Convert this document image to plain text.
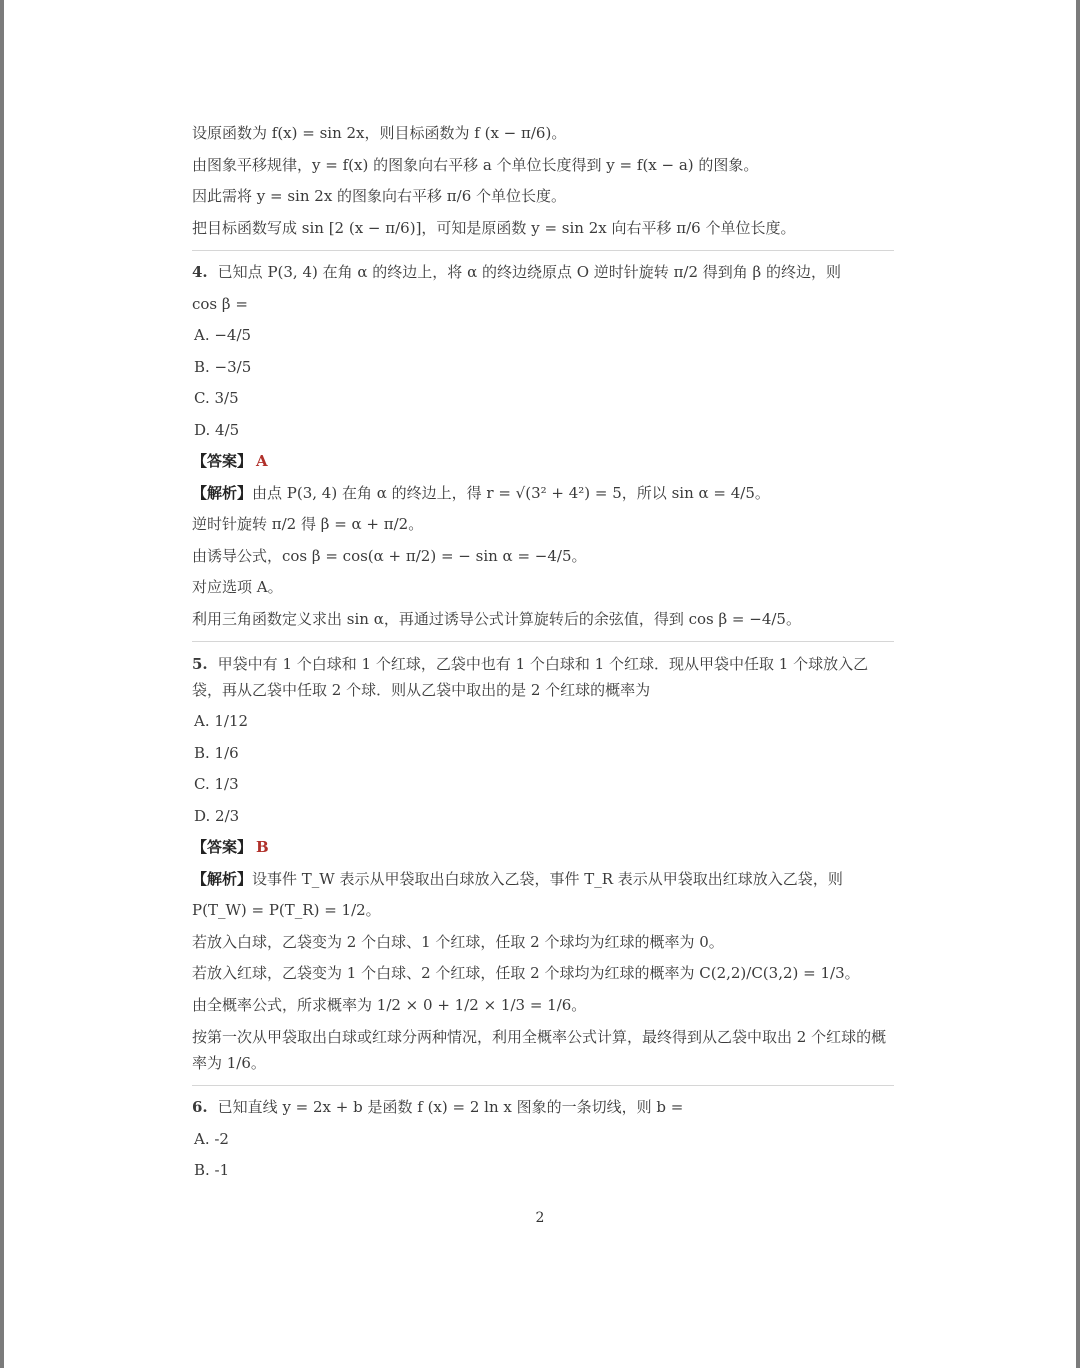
设原函数为 f(x) = sin 2x，则目标函数为 f (x − π/6)。
由图象平移规律，y = f(x) 的图象向右平移 a 个单位长度得到 y = f(x − a) 的图象。
因此需将 y = sin 2x 的图象向右平移 π/6 个单位长度。
把目标函数写成 sin [2 (x − π/6)]，可知是原函数 y = sin 2x 向右平移 π/6 个单位长度。
4. 已知点 P(3, 4) 在角 α 的终边上，将 α 的终边绕原点 O 逆时针旋转 π/2 得到角 β 的终边，则
cos β =
A. −4/5
B. −3/5
C. 3/5
D. 4/5
【答案】 A
【解析】由点 P(3, 4) 在角 α 的终边上，得 r = √(3² + 4²) = 5，所以 sin α = 4/5。
逆时针旋转 π/2 得 β = α + π/2。
由诱导公式，cos β = cos(α + π/2) = − sin α = −4/5。
对应选项 A。
利用三角函数定义求出 sin α，再通过诱导公式计算旋转后的余弦值，得到 cos β = −4/5。
5. 甲袋中有 1 个白球和 1 个红球，乙袋中也有 1 个白球和 1 个红球．现从甲袋中任取 1 个球放入乙袋，再从乙袋中任取 2 个球．则从乙袋中取出的是 2 个红球的概率为
A. 1/12
B. 1/6
C. 1/3
D. 2/3
【答案】 B
【解析】设事件 T_W 表示从甲袋取出白球放入乙袋，事件 T_R 表示从甲袋取出红球放入乙袋，则
P(T_W) = P(T_R) = 1/2。
若放入白球，乙袋变为 2 个白球、1 个红球，任取 2 个球均为红球的概率为 0。
若放入红球，乙袋变为 1 个白球、2 个红球，任取 2 个球均为红球的概率为 C(2,2)/C(3,2) = 1/3。
由全概率公式，所求概率为 1/2 × 0 + 1/2 × 1/3 = 1/6。
按第一次从甲袋取出白球或红球分两种情况，利用全概率公式计算，最终得到从乙袋中取出 2 个红球的概率为 1/6。
6. 已知直线 y = 2x + b 是函数 f (x) = 2 ln x 图象的一条切线，则 b =
A. -2
B. -1
2
